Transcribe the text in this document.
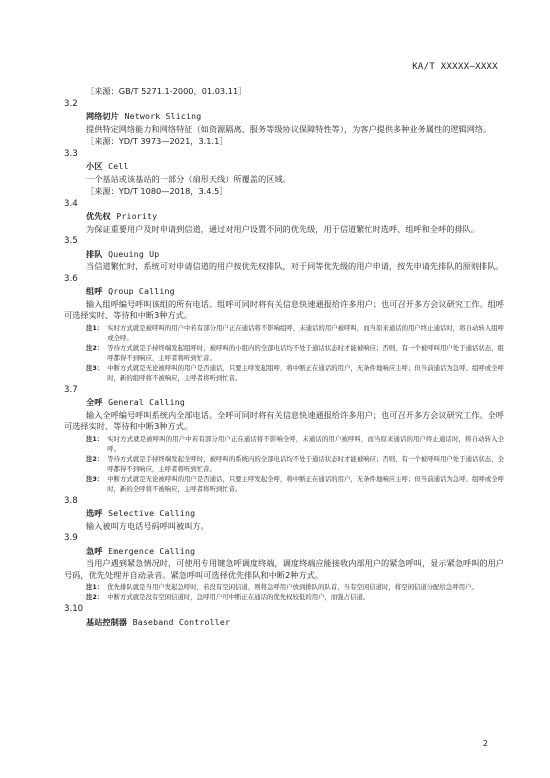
KA/T XXXXX—XXXX
［来源：GB/T 5271.1-2000，01.03.11］
3.2
网络切片 Network Slicing

提供特定网络能力和网络特征（如资源隔离、服务等级协议保障特性等），为客户提供多种业务属性的逻辑网络。

［来源：YD/T 3973—2021，3.1.1］
3.3
小区 Cell

一个基站或该基站的一部分（扇形天线）所覆盖的区域。

［来源：YD/T 1080—2018，3.4.5］
3.4
优先权 Priority

为保证重要用户及时申请到信道，通过对用户设置不同的优先级，用于信道繁忙时选呼、组呼和全呼的排队。

3.5
排队 Queuing Up

当信道繁忙时，系统可对申请信道的用户按优先权排队，对于同等优先级的用户申请，按先申请先排队的原则排队。

3.6
组呼 Qroup Calling

输入组呼编号呼叫该组的所有电话。组呼可同时将有关信息快速通报给许多用户；也可召开多方会议研究工作。组呼可选择实时、等待和中断3种方式。

注1： 实时方式就是被呼叫的用户中若有部分用户正在通话将不影响组呼，未通话的用户被呼叫，而当原来通话的用户终止通话时，将自动转入组呼或全呼。
注2： 等待方式就是手持终端发起组呼时，被呼叫的小组内的全部电话均不处于通话状态时才能被响应；否则，有一个被呼叫用户处于通话状态，组呼都得不到响应，主呼者将听到忙音。
注3： 中断方式就是无论被呼叫的用户是否通话，只要主呼发起组呼，将中断正在通话的用户，无条件地响应主呼；但当前通话为急呼、组呼或全呼时，新的组呼将不被响应，主呼者将听到忙音。
3.7
全呼 General Calling

输入全呼编号呼叫系统内全部电话。全呼可同时将有关信息快速通报给许多用户；也可召开多方会议研究工作。全呼可选择实时、等待和中断3种方式。

注1： 实时方式就是被呼叫的用户中若有部分用户正在通话将不影响全呼，未通话的用户被呼叫，而当原来通话的用户终止通话时，将自动转入全呼。
注2： 等待方式就是手持终端发起全呼时，被呼叫的系统内的全部电话均不处于通话状态时才能被响应；否则，有一个被呼叫用户处于通话状态，全呼都得不到响应，主呼者将听到忙音。
注3： 中断方式就是无论被呼叫的用户是否通话，只要主呼发起全呼，将中断正在通话的用户，无条件地响应主呼；但当前通话为急呼、组呼或全呼时，新的全呼将不被响应，主呼者将听到忙音。
3.8
选呼 Selective Calling

输入被叫方电话号码呼叫被叫方。

3.9
急呼 Emergence Calling

当用户遇到紧急情况时，可使用专用键急呼调度终端，调度终端应能接收内部用户的紧急呼叫，显示紧急呼叫的用户号码，优先处理并自动录音。紧急呼叫可选择优先排队和中断2种方式。

注1： 优先排队就是当用户发起急呼时，若没有空闲信道，则将急呼用户放到排队的队首，当有空闲信道时，将空闲信道分配给急呼用户。
注2： 中断方式就是没有空闲信道时，急呼用户可中断正在通话的优先权较低的用户，而强占信道。
3.10
基站控制器 Baseband Controller
2
